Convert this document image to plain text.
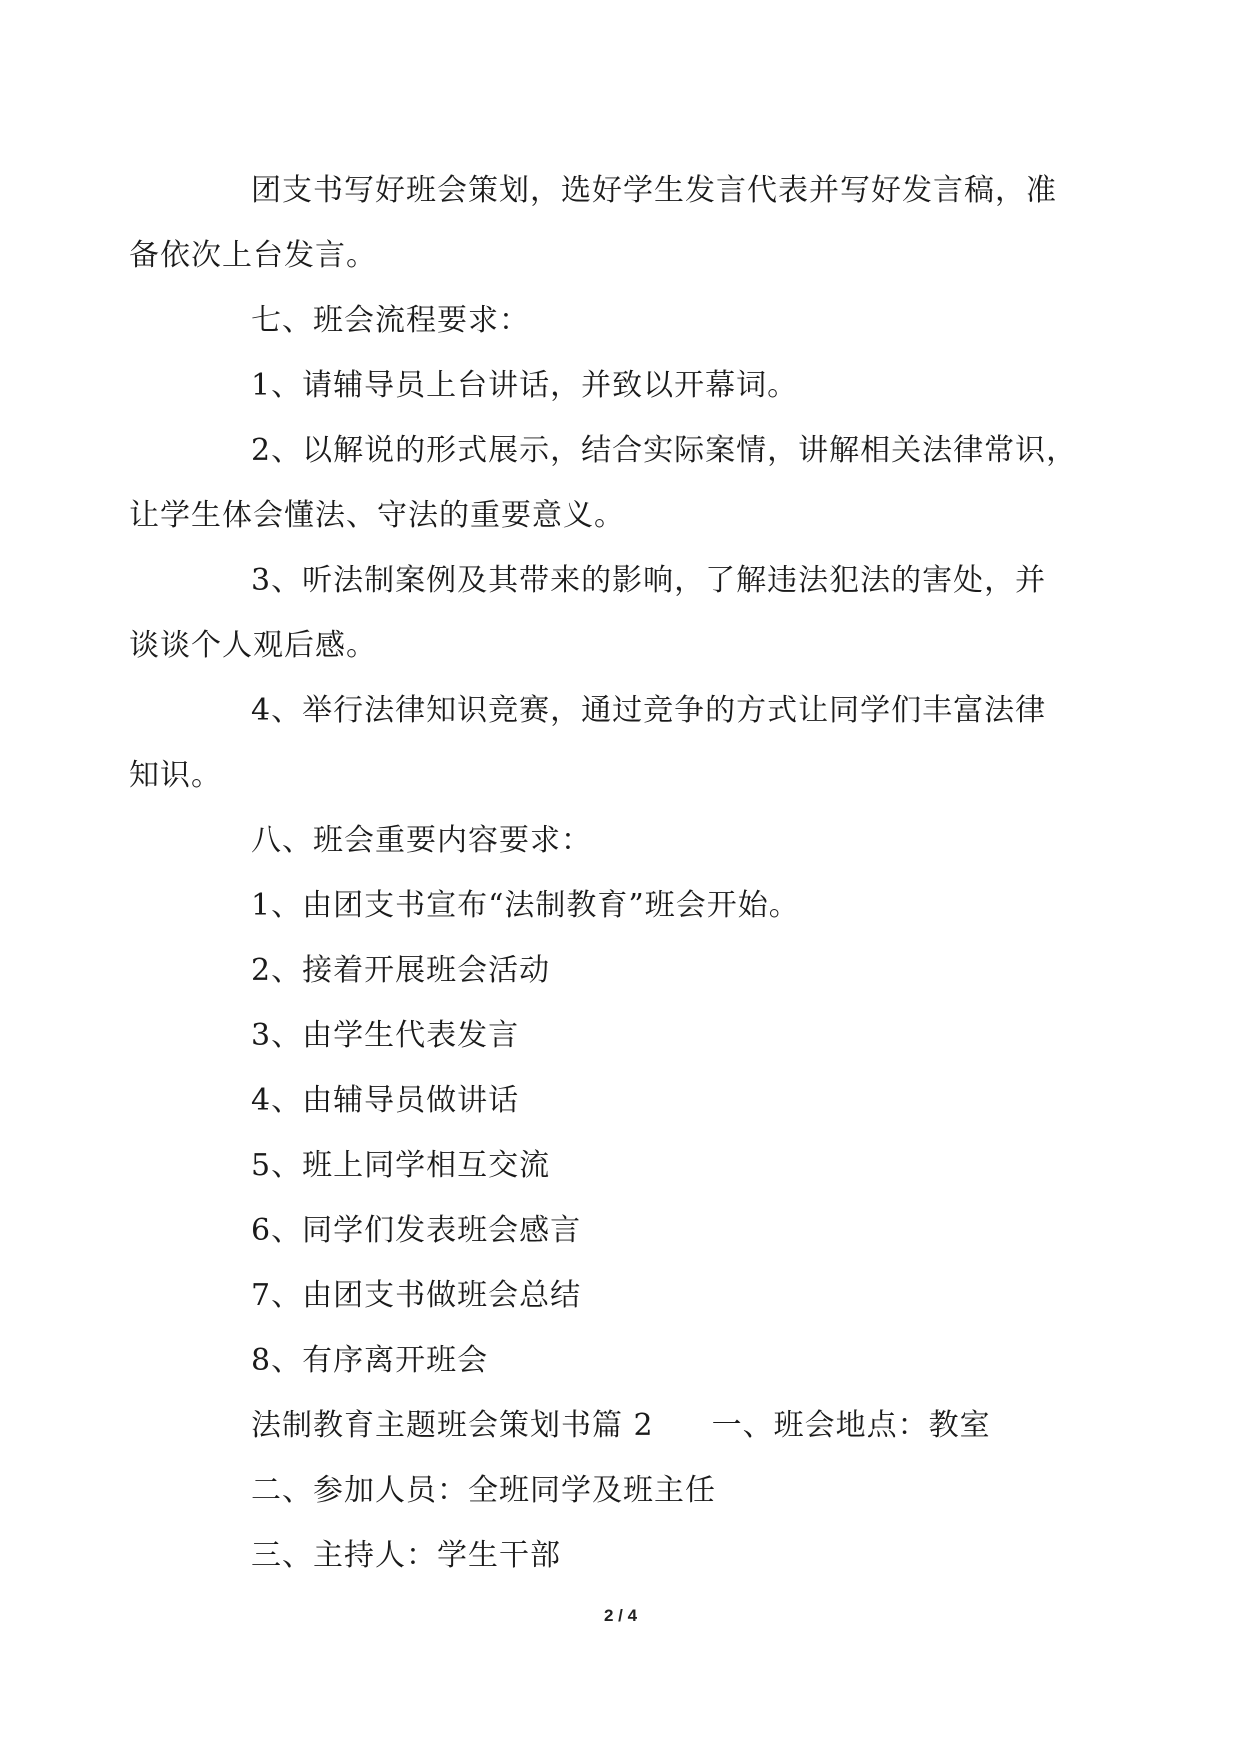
团支书写好班会策划，选好学生发言代表并写好发言稿，准
备依次上台发言。

七、班会流程要求：

1、请辅导员上台讲话，并致以开幕词。

2、以解说的形式展示，结合实际案情，讲解相关法律常识，
让学生体会懂法、守法的重要意义。

3、听法制案例及其带来的影响，了解违法犯法的害处，并
谈谈个人观后感。

4、举行法律知识竞赛，通过竞争的方式让同学们丰富法律
知识。

八、班会重要内容要求：

1、由团支书宣布“法制教育”班会开始。

2、接着开展班会活动

3、由学生代表发言

4、由辅导员做讲话

5、班上同学相互交流

6、同学们发表班会感言

7、由团支书做班会总结

8、有序离开班会

法制教育主题班会策划书篇 2 一、班会地点：教室

二、参加人员：全班同学及班主任

三、主持人：学生干部

2 / 4
